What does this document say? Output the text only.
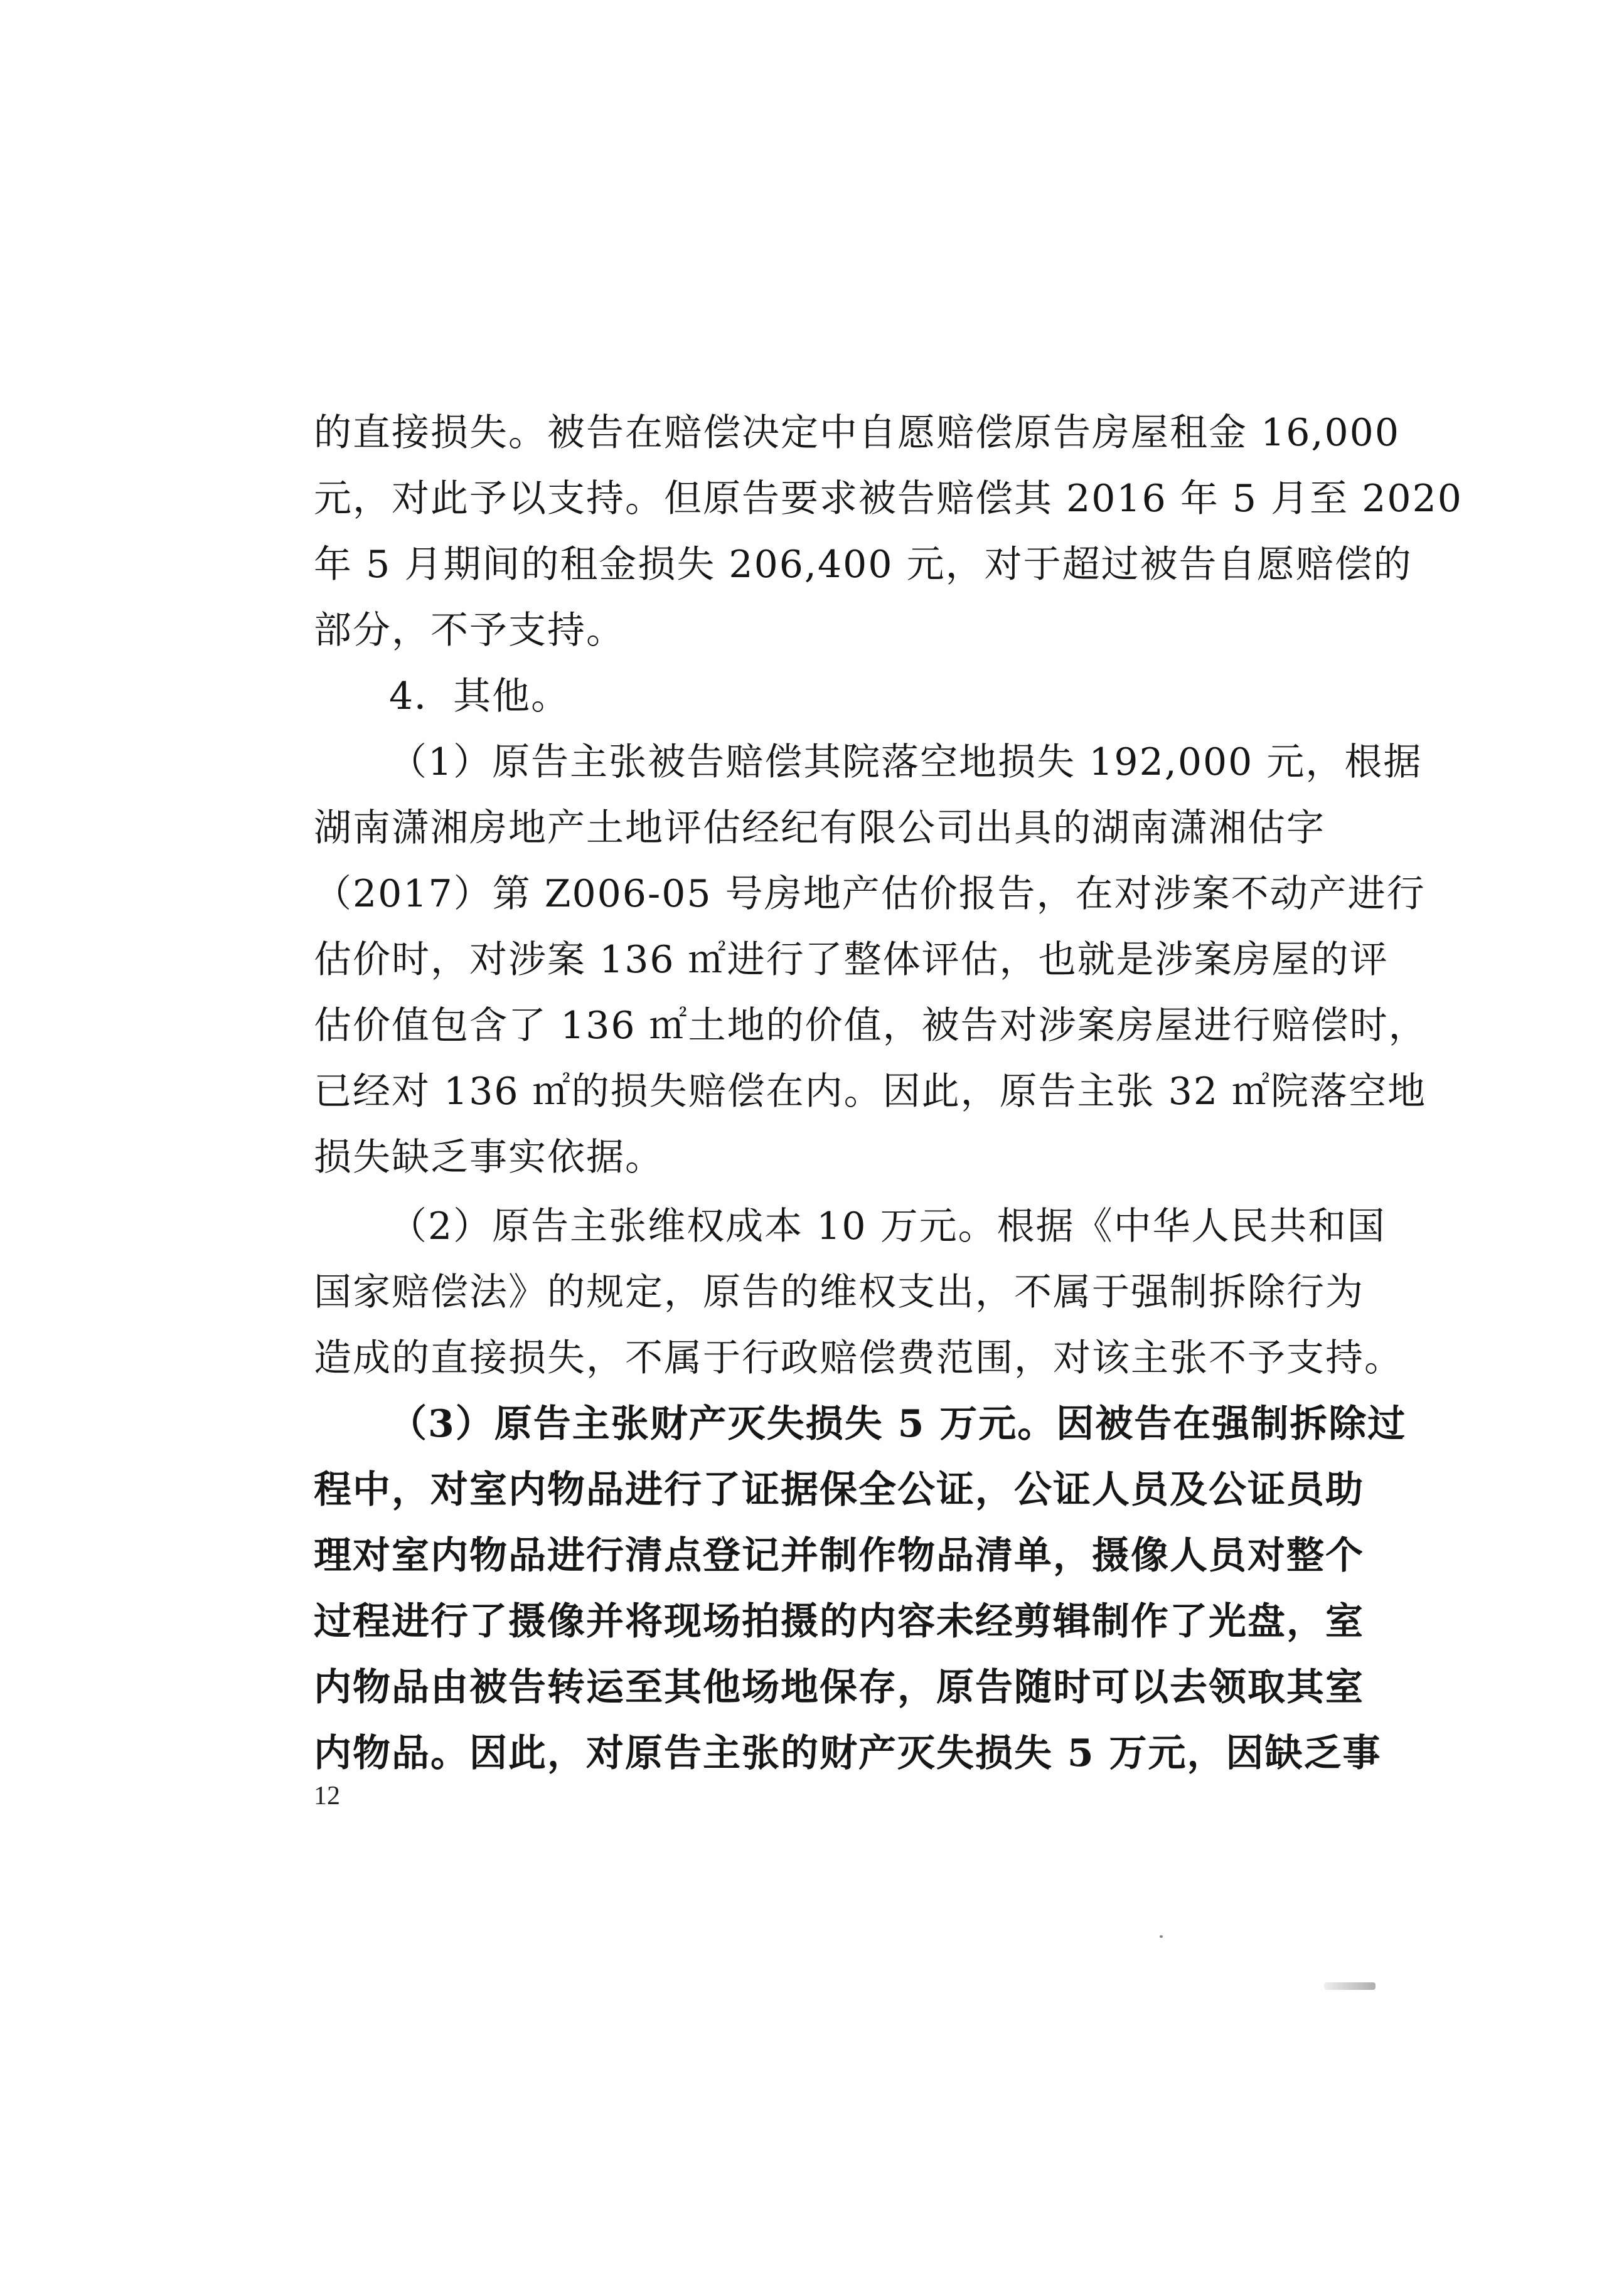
的直接损失。被告在赔偿决定中自愿赔偿原告房屋租金 16,000
元，对此予以支持。但原告要求被告赔偿其 2016 年 5 月至 2020
年 5 月期间的租金损失 206,400 元，对于超过被告自愿赔偿的
部分，不予支持。
4．其他。
（1）原告主张被告赔偿其院落空地损失 192,000 元，根据
湖南潇湘房地产土地评估经纪有限公司出具的湖南潇湘估字
（2017）第 Z006-05 号房地产估价报告，在对涉案不动产进行
估价时，对涉案 136 ㎡进行了整体评估，也就是涉案房屋的评
估价值包含了 136 ㎡土地的价值，被告对涉案房屋进行赔偿时，
已经对 136 ㎡的损失赔偿在内。因此，原告主张 32 ㎡院落空地
损失缺乏事实依据。
（2）原告主张维权成本 10 万元。根据《中华人民共和国
国家赔偿法》的规定，原告的维权支出，不属于强制拆除行为
造成的直接损失，不属于行政赔偿费范围，对该主张不予支持。
（3）原告主张财产灭失损失 5 万元。因被告在强制拆除过
程中，对室内物品进行了证据保全公证，公证人员及公证员助
理对室内物品进行清点登记并制作物品清单，摄像人员对整个
过程进行了摄像并将现场拍摄的内容未经剪辑制作了光盘，室
内物品由被告转运至其他场地保存，原告随时可以去领取其室
内物品。因此，对原告主张的财产灭失损失 5 万元，因缺乏事
12
